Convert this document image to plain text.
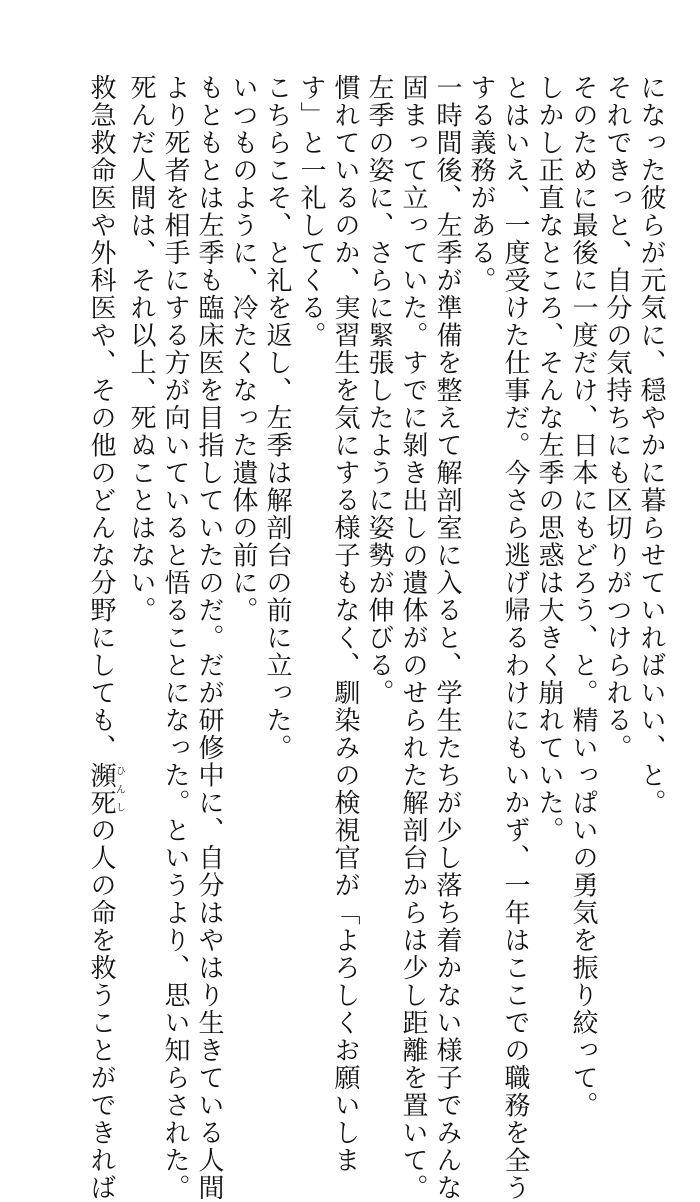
になった彼らが元気に、穏やかに暮らせていればいい、と。

それできっと、自分の気持ちにも区切りがつけられる。

そのために最後に一度だけ、日本にもどろう、と。精いっぱいの勇気を振り絞って。

しかし正直なところ、そんな左季の思惑は大きく崩れていた。

とはいえ、一度受けた仕事だ。今さら逃げ帰るわけにもいかず、一年はここでの職務を全う

する義務がある。

一時間後、左季が準備を整えて解剖室に入ると、学生たちが少し落ち着かない様子でみんな

固まって立っていた。すでに剝き出しの遺体がのせられた解剖台からは少し距離を置いて。

左季の姿に、さらに緊張したように姿勢が伸びる。

慣れているのか、実習生を気にする様子もなく、馴染みの検視官が「よろしくお願いしま

す」と一礼してくる。

こちらこそ、と礼を返し、左季は解剖台の前に立った。

いつものように、冷たくなった遺体の前に。

もともとは左季も臨床医を目指していたのだ。だが研修中に、自分はやはり生きている人間

より死者を相手にする方が向いていると悟ることになった。というより、思い知らされた。

死んだ人間は、それ以上、死ぬことはない。

救急救命医や外科医や、その他のどんな分野にしても、瀕死ひんしの人の命を救うことができれば
